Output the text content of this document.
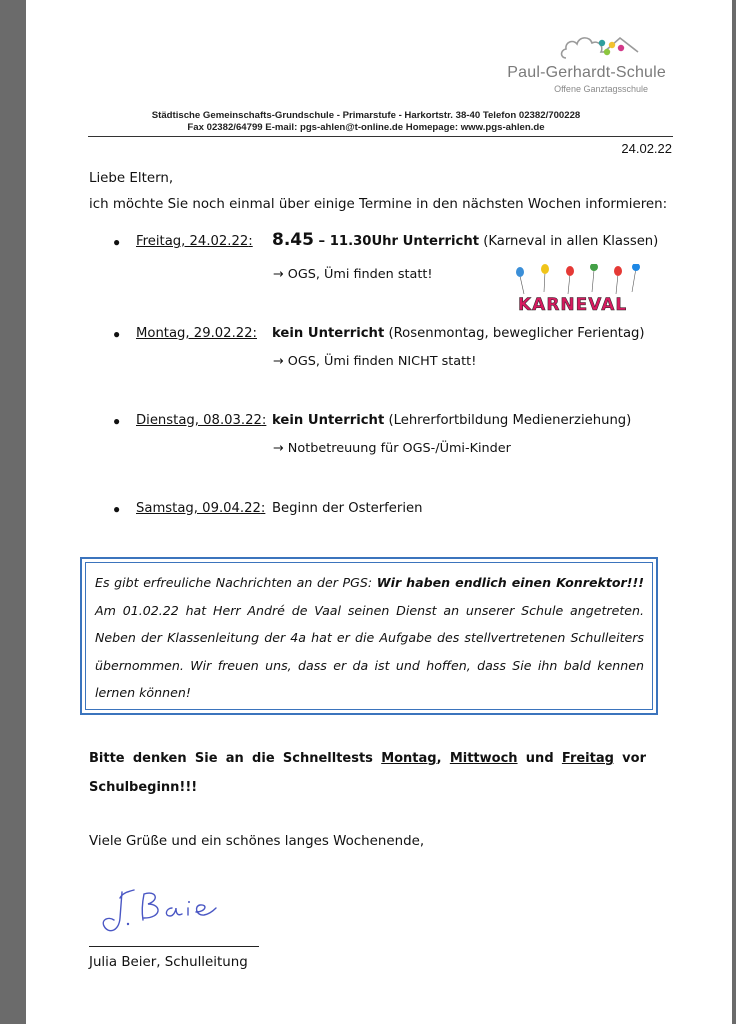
Paul-Gerhardt-Schule
Offene Ganztagsschule
Städtische Gemeinschafts-Grundschule - Primarstufe - Harkortstr. 38-40 Telefon 02382/700228
Fax 02382/64799 E-mail: pgs-ahlen@t-online.de Homepage: www.pgs-ahlen.de
24.02.22
Liebe Eltern,
ich möchte Sie noch einmal über einige Termine in den nächsten Wochen informieren:
● Freitag, 24.02.22: 8.45 – 11.30Uhr Unterricht (Karneval in allen Klassen)
→ OGS, Ümi finden statt!
KARNEVAL
● Montag, 29.02.22: kein Unterricht (Rosenmontag, beweglicher Ferientag)
→ OGS, Ümi finden NICHT statt!
● Dienstag, 08.03.22: kein Unterricht (Lehrerfortbildung Medienerziehung)
→ Notbetreuung für OGS-/Ümi-Kinder
● Samstag, 09.04.22: Beginn der Osterferien
Es gibt erfreuliche Nachrichten an der PGS: Wir haben endlich einen Konrektor!!! Am 01.02.22 hat Herr André de Vaal seinen Dienst an unserer Schule angetreten. Neben der Klassenleitung der 4a hat er die Aufgabe des stellvertretenen Schulleiters übernommen. Wir freuen uns, dass er da ist und hoffen, dass Sie ihn bald kennen lernen können!
Bitte denken Sie an die Schnelltests Montag, Mittwoch und Freitag vor Schulbeginn!!!
Viele Grüße und ein schönes langes Wochenende,
Julia Beier, Schulleitung
